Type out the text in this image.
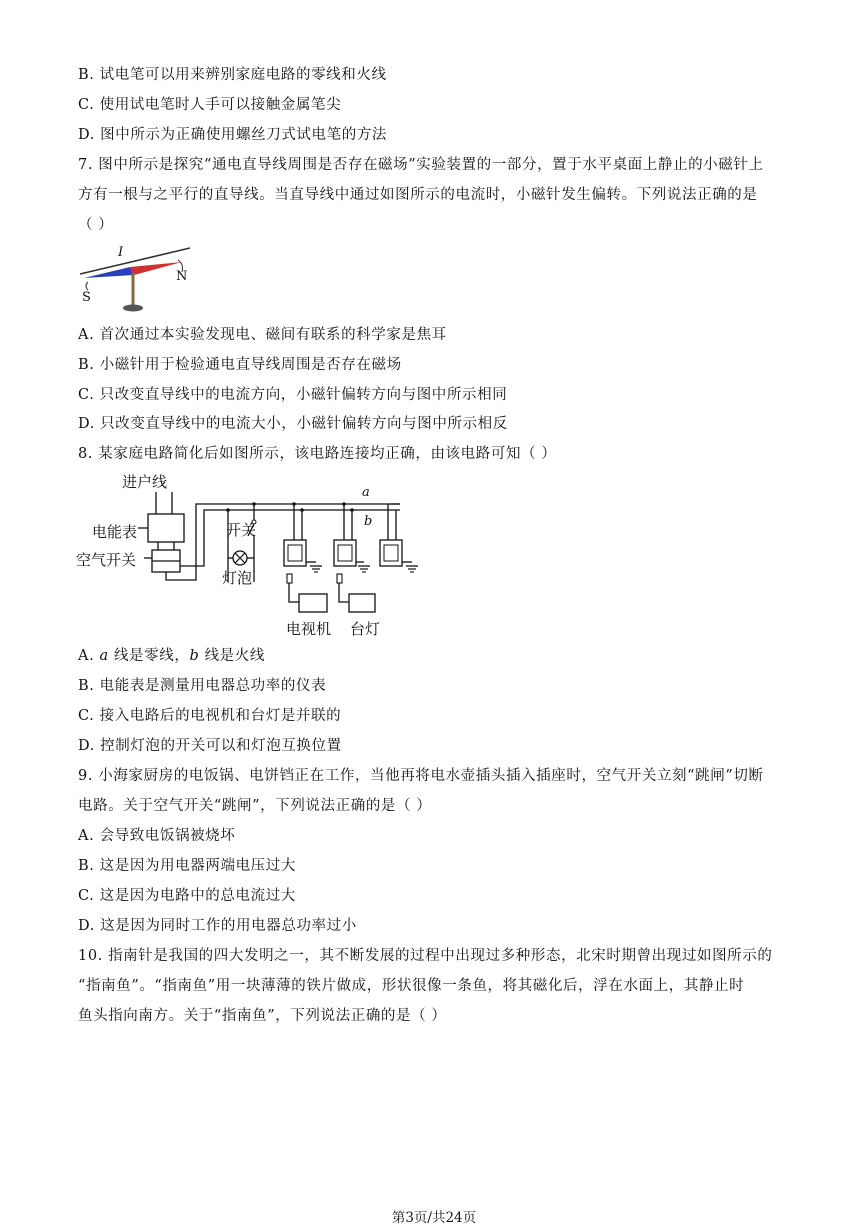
B. 试电笔可以用来辨别家庭电路的零线和火线
C. 使用试电笔时人手可以接触金属笔尖
D. 图中所示为正确使用螺丝刀式试电笔的方法
7. 图中所示是探究“通电直导线周围是否存在磁场”实验装置的一部分，置于水平桌面上静止的小磁针上
方有一根与之平行的直导线。当直导线中通过如图所示的电流时，小磁针发生偏转。下列说法正确的是
（ ）
I
N
S
A. 首次通过本实验发现电、磁间有联系的科学家是焦耳
B. 小磁针用于检验通电直导线周围是否存在磁场
C. 只改变直导线中的电流方向，小磁针偏转方向与图中所示相同
D. 只改变直导线中的电流大小，小磁针偏转方向与图中所示相反
8. 某家庭电路简化后如图所示，该电路连接均正确，由该电路可知（ ）
进户线
电能表
空气开关
a
b
开关
灯泡
电视机 台灯
A. a 线是零线，b 线是火线
B. 电能表是测量用电器总功率的仪表
C. 接入电路后的电视机和台灯是并联的
D. 控制灯泡的开关可以和灯泡互换位置
9. 小海家厨房的电饭锅、电饼铛正在工作，当他再将电水壶插头插入插座时，空气开关立刻“跳闸”切断
电路。关于空气开关“跳闸”，下列说法正确的是（ ）
A. 会导致电饭锅被烧坏
B. 这是因为用电器两端电压过大
C. 这是因为电路中的总电流过大
D. 这是因为同时工作的用电器总功率过小
10. 指南针是我国的四大发明之一，其不断发展的过程中出现过多种形态，北宋时期曾出现过如图所示的
“指南鱼”。“指南鱼”用一块薄薄的铁片做成，形状很像一条鱼，将其磁化后，浮在水面上，其静止时
鱼头指向南方。关于“指南鱼”，下列说法正确的是（ ）
第3页/共24页
